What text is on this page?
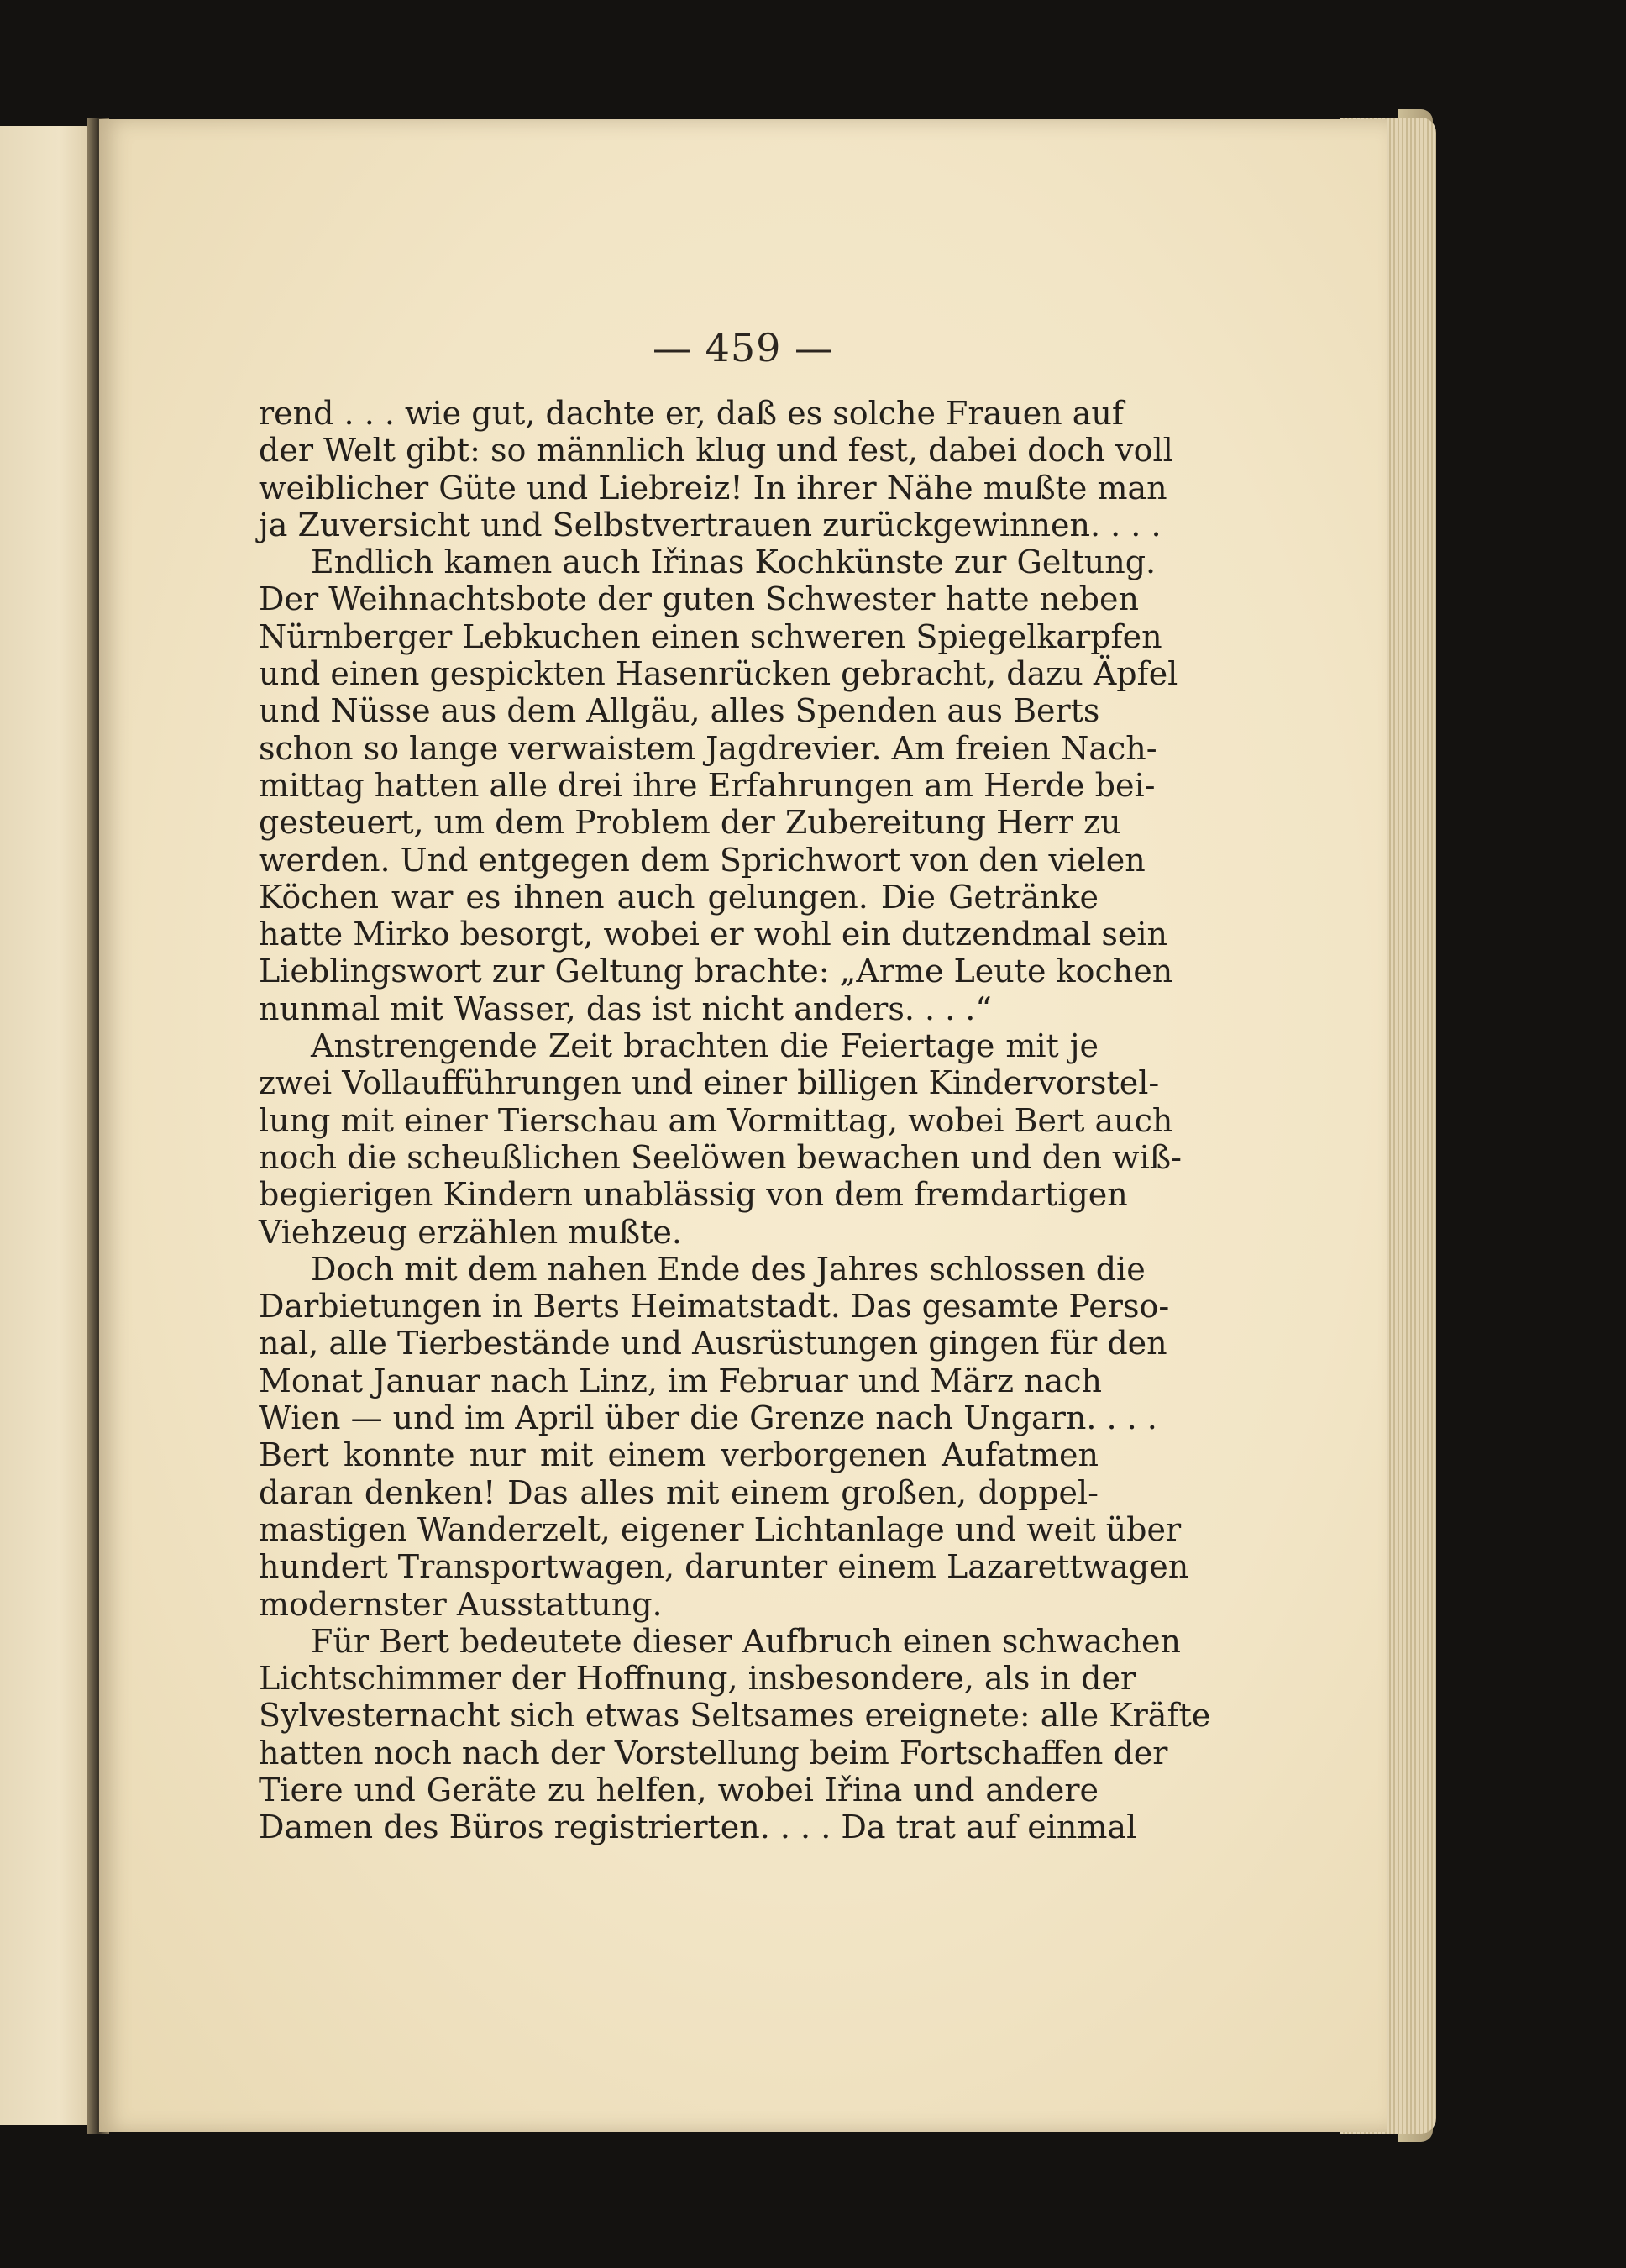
— 459 —

rend . . . wie gut, dachte er, daß es solche Frauen auf
der Welt gibt: so männlich klug und fest, dabei doch voll
weiblicher Güte und Liebreiz! In ihrer Nähe mußte man
ja Zuversicht und Selbstvertrauen zurückgewinnen. . . .
Endlich kamen auch Iřinas Kochkünste zur Geltung.
Der Weihnachtsbote der guten Schwester hatte neben
Nürnberger Lebkuchen einen schweren Spiegelkarpfen
und einen gespickten Hasenrücken gebracht, dazu Äpfel
und Nüsse aus dem Allgäu, alles Spenden aus Berts
schon so lange verwaistem Jagdrevier. Am freien Nach-
mittag hatten alle drei ihre Erfahrungen am Herde bei-
gesteuert, um dem Problem der Zubereitung Herr zu
werden. Und entgegen dem Sprichwort von den vielen
Köchen war es ihnen auch gelungen. Die Getränke
hatte Mirko besorgt, wobei er wohl ein dutzendmal sein
Lieblingswort zur Geltung brachte: „Arme Leute kochen
nunmal mit Wasser, das ist nicht anders. . . .“
Anstrengende Zeit brachten die Feiertage mit je
zwei Vollaufführungen und einer billigen Kindervorstel-
lung mit einer Tierschau am Vormittag, wobei Bert auch
noch die scheußlichen Seelöwen bewachen und den wiß-
begierigen Kindern unablässig von dem fremdartigen
Viehzeug erzählen mußte.
Doch mit dem nahen Ende des Jahres schlossen die
Darbietungen in Berts Heimatstadt. Das gesamte Perso-
nal, alle Tierbestände und Ausrüstungen gingen für den
Monat Januar nach Linz, im Februar und März nach
Wien — und im April über die Grenze nach Ungarn. . . .
Bert konnte nur mit einem verborgenen Aufatmen
daran denken! Das alles mit einem großen, doppel-
mastigen Wanderzelt, eigener Lichtanlage und weit über
hundert Transportwagen, darunter einem Lazarettwagen
modernster Ausstattung.
Für Bert bedeutete dieser Aufbruch einen schwachen
Lichtschimmer der Hoffnung, insbesondere, als in der
Sylvesternacht sich etwas Seltsames ereignete: alle Kräfte
hatten noch nach der Vorstellung beim Fortschaffen der
Tiere und Geräte zu helfen, wobei Iřina und andere
Damen des Büros registrierten. . . . Da trat auf einmal
